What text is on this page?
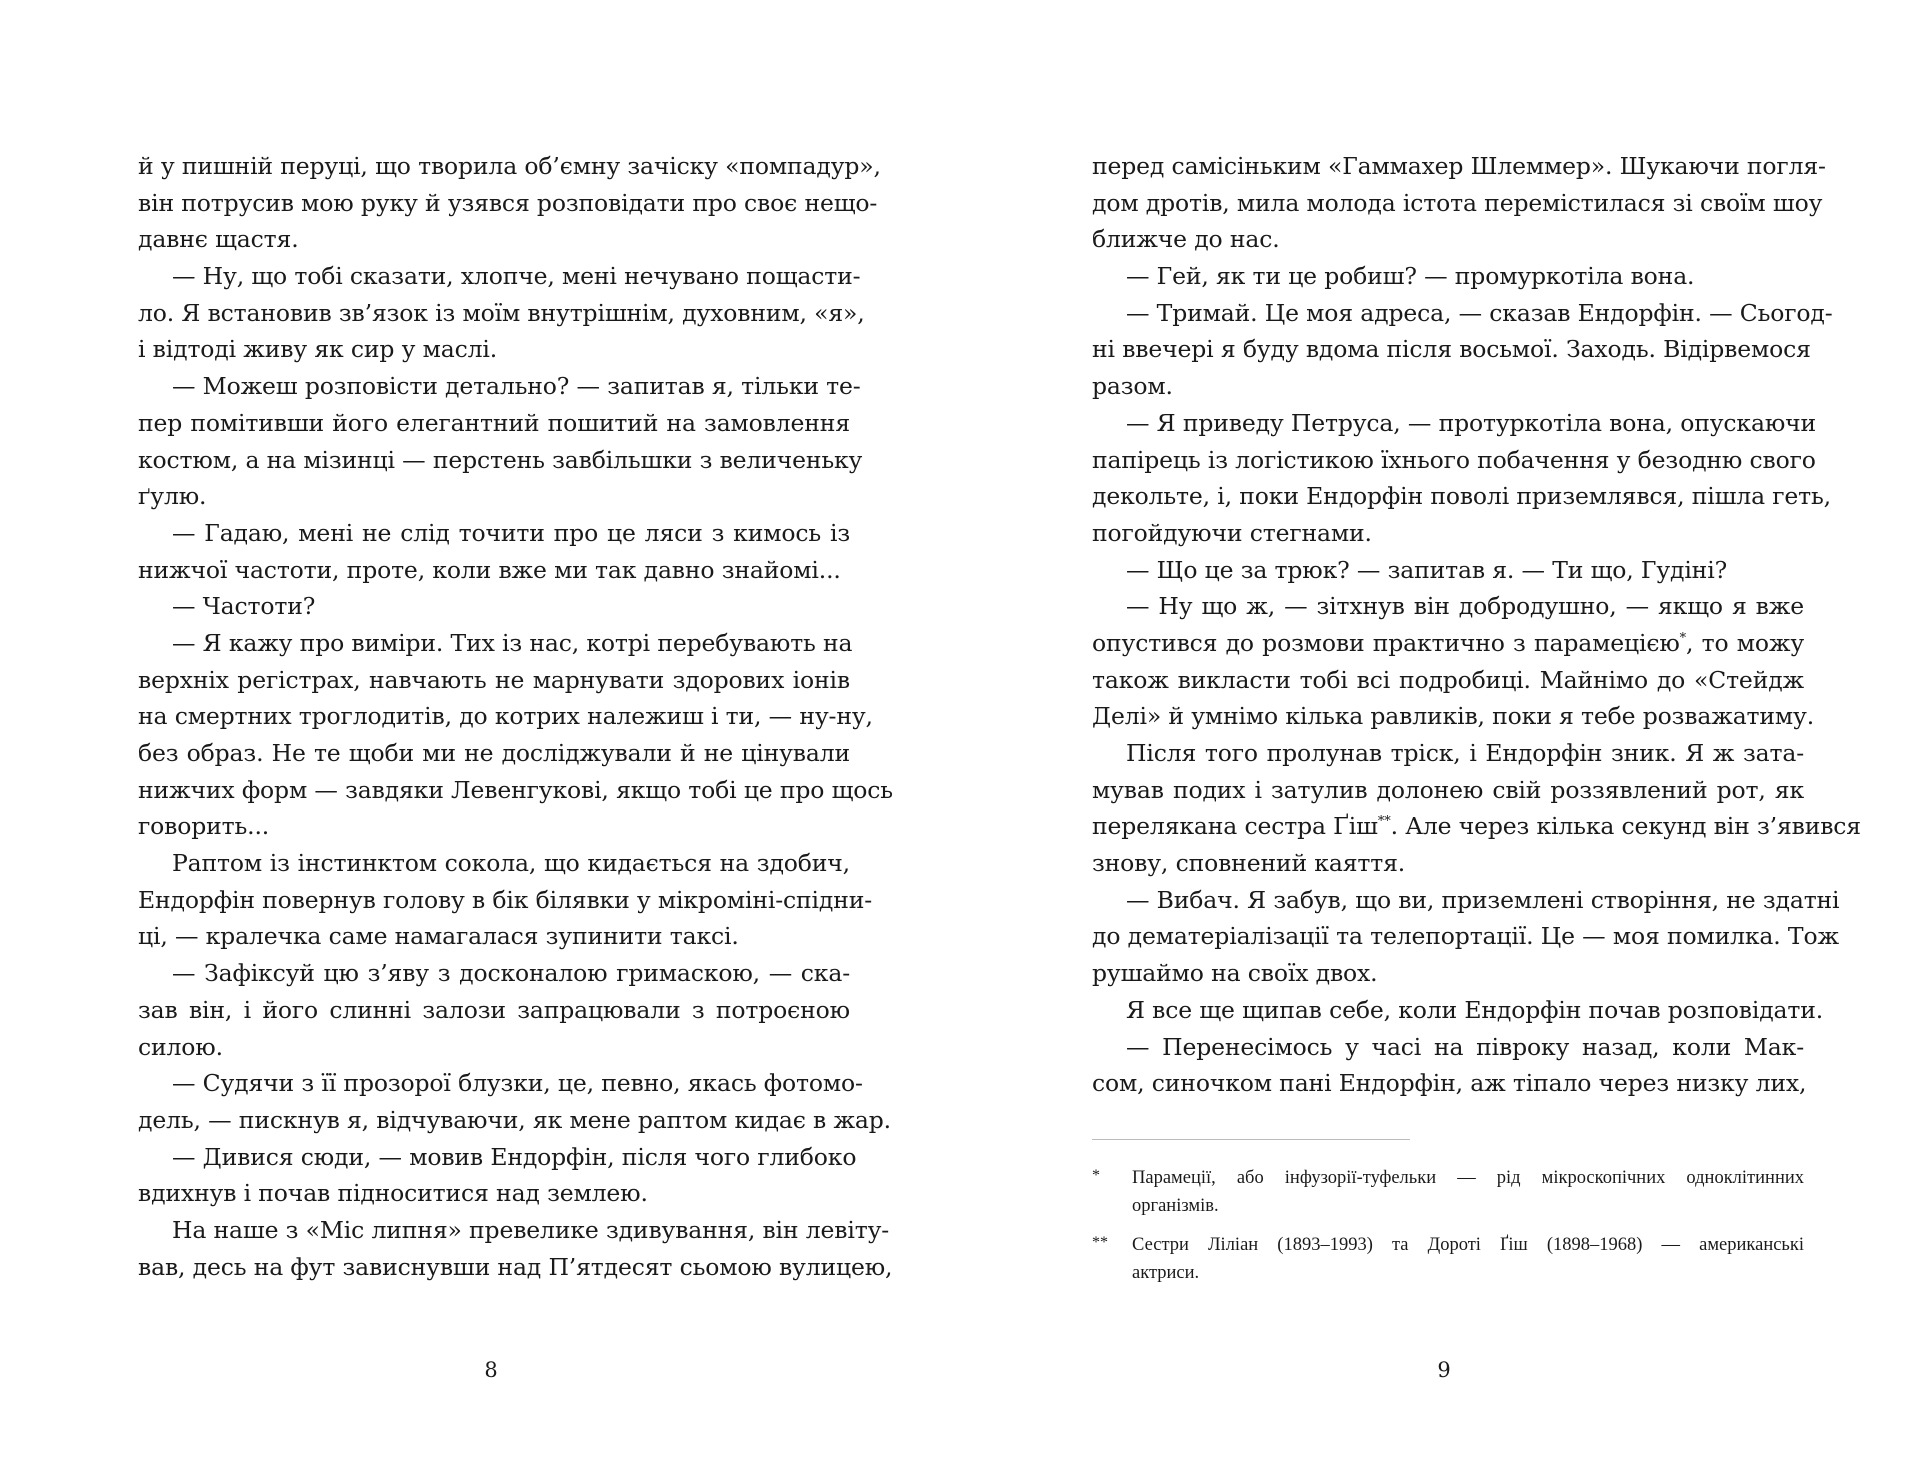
й у пишній перуці, що творила об’ємну зачіску «помпадур»,
він потрусив мою руку й узявся розповідати про своє нещо-
давнє щастя.
— Ну, що тобі сказати, хлопче, мені нечувано пощасти-
ло. Я встановив зв’язок із моїм внутрішнім, духовним, «я»,
і відтоді живу як сир у маслі.
— Можеш розповісти детально? — запитав я, тільки те-
пер помітивши його елегантний пошитий на замовлення
костюм, а на мізинці — перстень завбільшки з величеньку
ґулю.
— Гадаю, мені не слід точити про це ляси з кимось із
нижчої частоти, проте, коли вже ми так давно знайомі...
— Частоти?
— Я кажу про виміри. Тих із нас, котрі перебувають на
верхніх регістрах, навчають не марнувати здорових іонів
на смертних троглодитів, до котрих належиш і ти, — ну-ну,
без образ. Не те щоби ми не досліджували й не цінували
нижчих форм — завдяки Левенгукові, якщо тобі це про щось
говорить...
Раптом із інстинктом сокола, що кидається на здобич,
Ендорфін повернув голову в бік білявки у мікроміні-спідни-
ці, — кралечка саме намагалася зупинити таксі.
— Зафіксуй цю з’яву з досконалою гримаскою, — ска-
зав він, і його слинні залози запрацювали з потроєною
силою.
— Судячи з її прозорої блузки, це, певно, якась фотомо-
дель, — пискнув я, відчуваючи, як мене раптом кидає в жар.
— Дивися сюди, — мовив Ендорфін, після чого глибоко
вдихнув і почав підноситися над землею.
На наше з «Міс липня» превелике здивування, він левіту-
вав, десь на фут зависнувши над П’ятдесят сьомою вулицею,
8
перед самісіньким «Гаммахер Шлеммер». Шукаючи погля-
дом дротів, мила молода істота перемістилася зі своїм шоу
ближче до нас.
— Гей, як ти це робиш? — промуркотіла вона.
— Тримай. Це моя адреса, — сказав Ендорфін. — Сьогод-
ні ввечері я буду вдома після восьмої. Заходь. Відірвемося
разом.
— Я приведу Петруса, — протуркотіла вона, опускаючи
папірець із логістикою їхнього побачення у безодню свого
декольте, і, поки Ендорфін поволі приземлявся, пішла геть,
погойдуючи стегнами.
— Що це за трюк? — запитав я. — Ти що, Гудіні?
— Ну що ж, — зітхнув він добродушно, — якщо я вже
опустився до розмови практично з парамецією*, то можу
також викласти тобі всі подробиці. Майнімо до «Стейдж
Делі» й умнімо кілька равликів, поки я тебе розважатиму.
Після того пролунав тріск, і Ендорфін зник. Я ж зата-
мував подих і затулив долонею свій роззявлений рот, як
перелякана сестра Ґіш**. Але через кілька секунд він з’явився
знову, сповнений каяття.
— Вибач. Я забув, що ви, приземлені створіння, не здатні
до дематеріалізації та телепортації. Це — моя помилка. Тож
рушаймо на своїх двох.
Я все ще щипав себе, коли Ендорфін почав розповідати.
— Перенесімось у часі на півроку назад, коли Мак-
сом, синочком пані Ендорфін, аж тіпало через низку лих,
* Парамеції, або інфузорії-туфельки — рід мікроскопічних одноклітинних
організмів.
** Сестри Ліліан (1893–1993) та Дороті Ґіш (1898–1968) — американські
актриси.
9
